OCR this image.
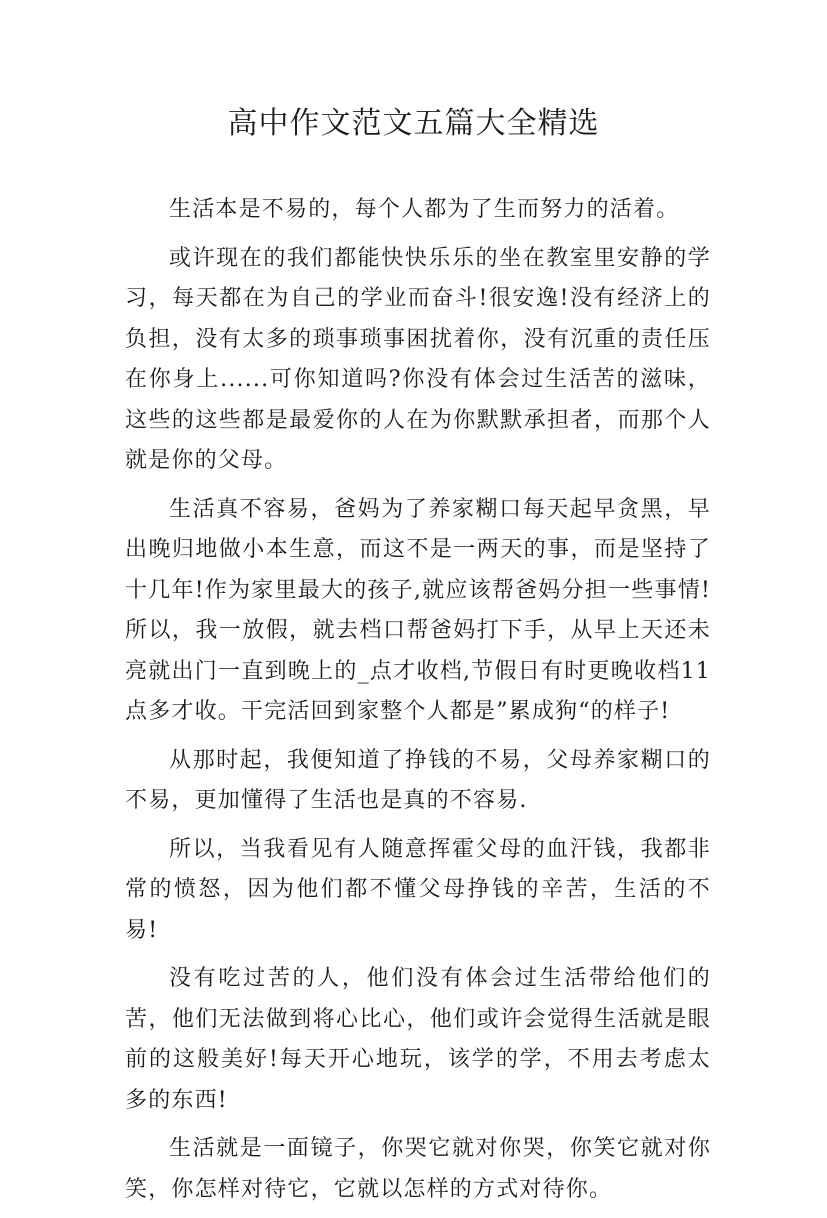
高中作文范文五篇大全精选

生活本是不易的，每个人都为了生而努力的活着。

或许现在的我们都能快快乐乐的坐在教室里安静的学习，每天都在为自己的学业而奋斗!很安逸!没有经济上的负担，没有太多的琐事琐事困扰着你，没有沉重的责任压在你身上......可你知道吗?你没有体会过生活苦的滋味，这些的这些都是最爱你的人在为你默默承担者，而那个人就是你的父母。

生活真不容易，爸妈为了养家糊口每天起早贪黑，早出晚归地做小本生意，而这不是一两天的事，而是坚持了十几年!作为家里最大的孩子,就应该帮爸妈分担一些事情!所以，我一放假，就去档口帮爸妈打下手，从早上天还未亮就出门一直到晚上的_点才收档,节假日有时更晚收档11点多才收。干完活回到家整个人都是”累成狗“的样子!

从那时起，我便知道了挣钱的不易，父母养家糊口的不易，更加懂得了生活也是真的不容易.

所以，当我看见有人随意挥霍父母的血汗钱，我都非常的愤怒，因为他们都不懂父母挣钱的辛苦，生活的不易!

没有吃过苦的人，他们没有体会过生活带给他们的苦，他们无法做到将心比心，他们或许会觉得生活就是眼前的这般美好!每天开心地玩，该学的学，不用去考虑太多的东西!

生活就是一面镜子，你哭它就对你哭，你笑它就对你笑，你怎样对待它，它就以怎样的方式对待你。
